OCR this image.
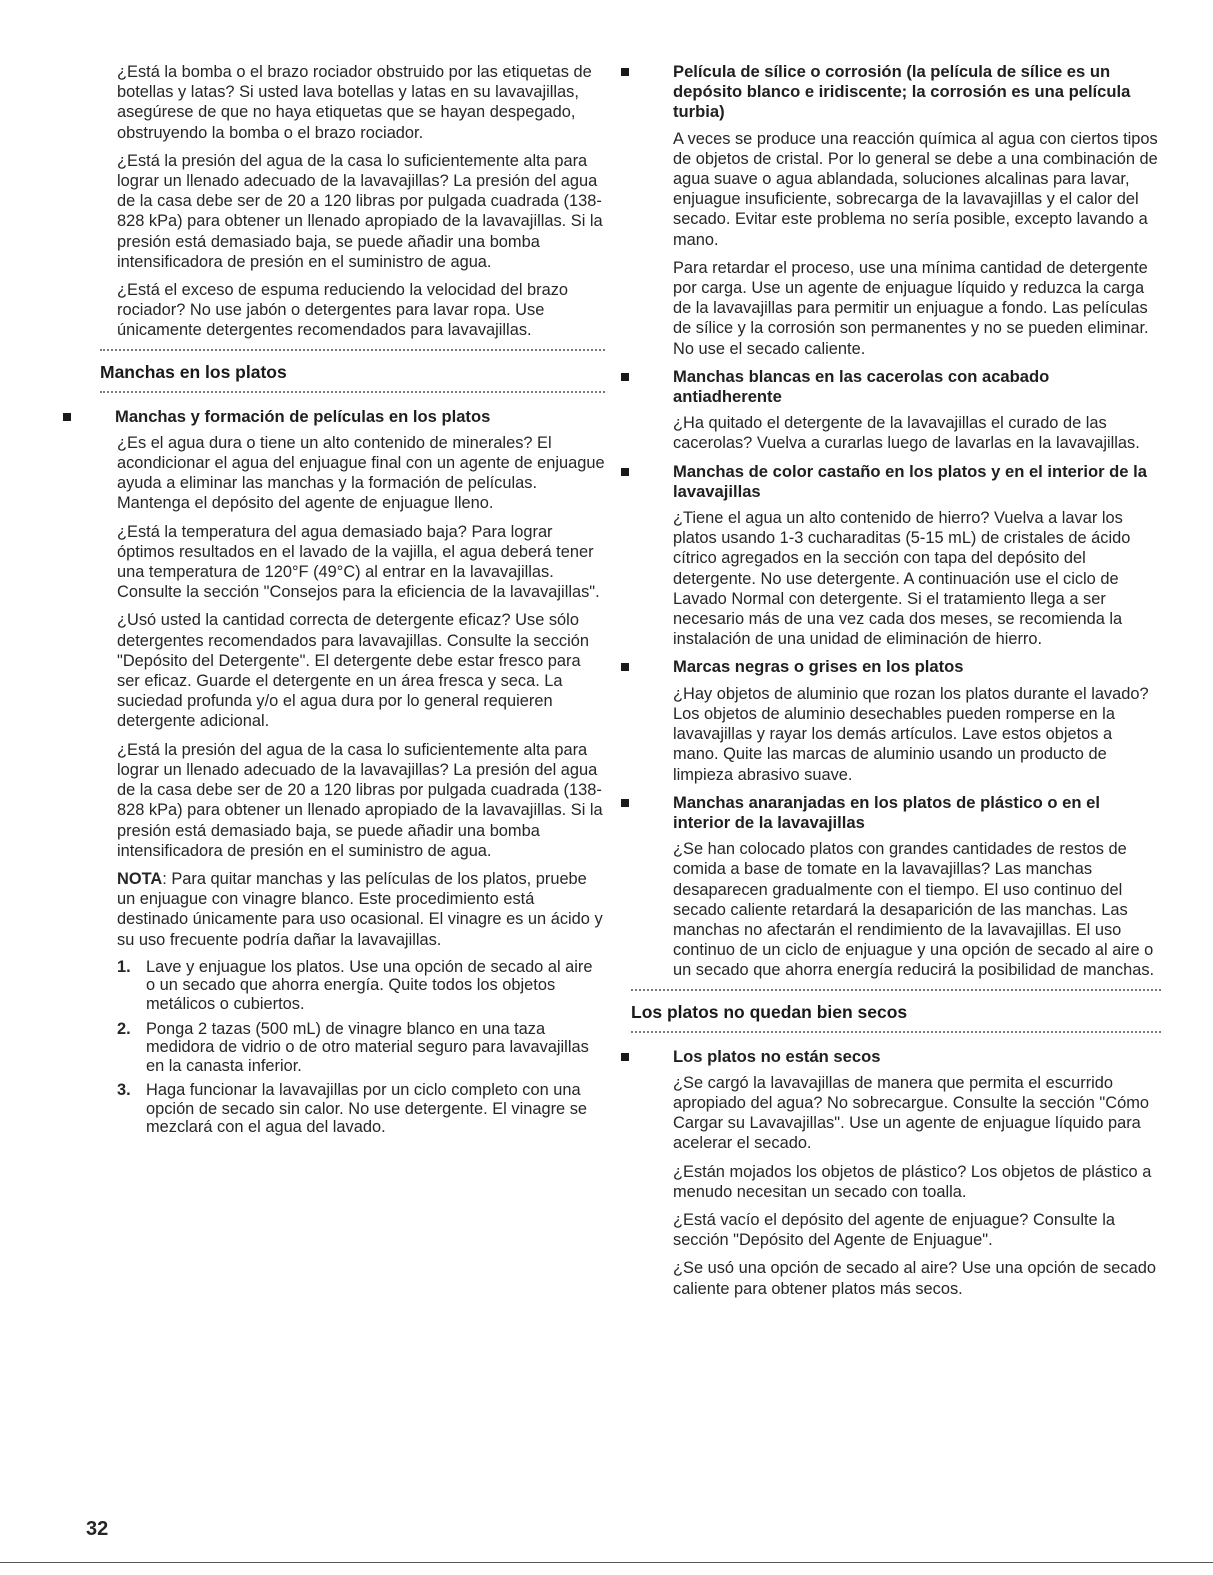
¿Está la bomba o el brazo rociador obstruido por las etiquetas de botellas y latas? Si usted lava botellas y latas en su lavavajillas, asegúrese de que no haya etiquetas que se hayan despegado, obstruyendo la bomba o el brazo rociador.

¿Está la presión del agua de la casa lo suficientemente alta para lograr un llenado adecuado de la lavavajillas? La presión del agua de la casa debe ser de 20 a 120 libras por pulgada cuadrada (138-828 kPa) para obtener un llenado apropiado de la lavavajillas. Si la presión está demasiado baja, se puede añadir una bomba intensificadora de presión en el suministro de agua.

¿Está el exceso de espuma reduciendo la velocidad del brazo rociador? No use jabón o detergentes para lavar ropa. Use únicamente detergentes recomendados para lavavajillas.

Manchas en los platos
Manchas y formación de películas en los platos

¿Es el agua dura o tiene un alto contenido de minerales? El acondicionar el agua del enjuague final con un agente de enjuague ayuda a eliminar las manchas y la formación de películas. Mantenga el depósito del agente de enjuague lleno.

¿Está la temperatura del agua demasiado baja? Para lograr óptimos resultados en el lavado de la vajilla, el agua deberá tener una temperatura de 120°F (49°C) al entrar en la lavavajillas. Consulte la sección "Consejos para la eficiencia de la lavavajillas".

¿Usó usted la cantidad correcta de detergente eficaz? Use sólo detergentes recomendados para lavavajillas. Consulte la sección "Depósito del Detergente". El detergente debe estar fresco para ser eficaz. Guarde el detergente en un área fresca y seca. La suciedad profunda y/o el agua dura por lo general requieren detergente adicional.

¿Está la presión del agua de la casa lo suficientemente alta para lograr un llenado adecuado de la lavavajillas? La presión del agua de la casa debe ser de 20 a 120 libras por pulgada cuadrada (138-828 kPa) para obtener un llenado apropiado de la lavavajillas. Si la presión está demasiado baja, se puede añadir una bomba intensificadora de presión en el suministro de agua.

NOTA: Para quitar manchas y las películas de los platos, pruebe un enjuague con vinagre blanco. Este procedimiento está destinado únicamente para uso ocasional. El vinagre es un ácido y su uso frecuente podría dañar la lavavajillas.

1. Lave y enjuague los platos. Use una opción de secado al aire o un secado que ahorra energía. Quite todos los objetos metálicos o cubiertos.
2. Ponga 2 tazas (500 mL) de vinagre blanco en una taza medidora de vidrio o de otro material seguro para lavavajillas en la canasta inferior.
3. Haga funcionar la lavavajillas por un ciclo completo con una opción de secado sin calor. No use detergente. El vinagre se mezclará con el agua del lavado.
Película de sílice o corrosión (la película de sílice es un depósito blanco e iridiscente; la corrosión es una película turbia)

A veces se produce una reacción química al agua con ciertos tipos de objetos de cristal. Por lo general se debe a una combinación de agua suave o agua ablandada, soluciones alcalinas para lavar, enjuague insuficiente, sobrecarga de la lavavajillas y el calor del secado. Evitar este problema no sería posible, excepto lavando a mano.

Para retardar el proceso, use una mínima cantidad de detergente por carga. Use un agente de enjuague líquido y reduzca la carga de la lavavajillas para permitir un enjuague a fondo. Las películas de sílice y la corrosión son permanentes y no se pueden eliminar. No use el secado caliente.

Manchas blancas en las cacerolas con acabado antiadherente

¿Ha quitado el detergente de la lavavajillas el curado de las cacerolas? Vuelva a curarlas luego de lavarlas en la lavavajillas.

Manchas de color castaño en los platos y en el interior de la lavavajillas

¿Tiene el agua un alto contenido de hierro? Vuelva a lavar los platos usando 1-3 cucharaditas (5-15 mL) de cristales de ácido cítrico agregados en la sección con tapa del depósito del detergente. No use detergente. A continuación use el ciclo de Lavado Normal con detergente. Si el tratamiento llega a ser necesario más de una vez cada dos meses, se recomienda la instalación de una unidad de eliminación de hierro.

Marcas negras o grises en los platos

¿Hay objetos de aluminio que rozan los platos durante el lavado? Los objetos de aluminio desechables pueden romperse en la lavavajillas y rayar los demás artículos. Lave estos objetos a mano. Quite las marcas de aluminio usando un producto de limpieza abrasivo suave.

Manchas anaranjadas en los platos de plástico o en el interior de la lavavajillas

¿Se han colocado platos con grandes cantidades de restos de comida a base de tomate en la lavavajillas? Las manchas desaparecen gradualmente con el tiempo. El uso continuo del secado caliente retardará la desaparición de las manchas. Las manchas no afectarán el rendimiento de la lavavajillas. El uso continuo de un ciclo de enjuague y una opción de secado al aire o un secado que ahorra energía reducirá la posibilidad de manchas.

Los platos no quedan bien secos
Los platos no están secos

¿Se cargó la lavavajillas de manera que permita el escurrido apropiado del agua? No sobrecargue. Consulte la sección "Cómo Cargar su Lavavajillas". Use un agente de enjuague líquido para acelerar el secado.

¿Están mojados los objetos de plástico? Los objetos de plástico a menudo necesitan un secado con toalla.

¿Está vacío el depósito del agente de enjuague? Consulte la sección "Depósito del Agente de Enjuague".

¿Se usó una opción de secado al aire? Use una opción de secado caliente para obtener platos más secos.

32
